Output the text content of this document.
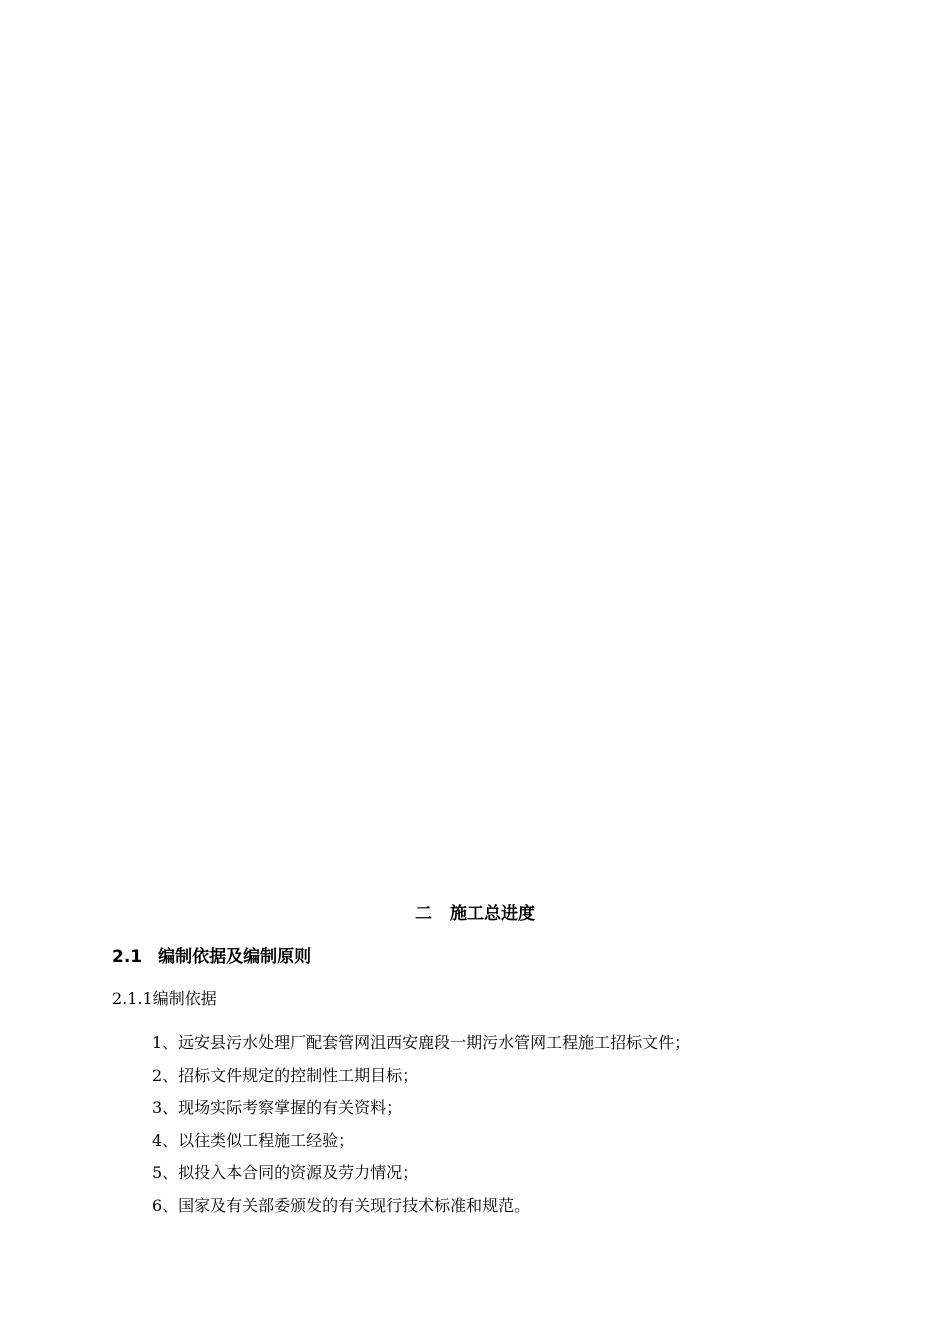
二 施工总进度
2.1 编制依据及编制原则
2.1.1编制依据
1、远安县污水处理厂配套管网沮西安鹿段一期污水管网工程施工招标文件；
2、招标文件规定的控制性工期目标；
3、现场实际考察掌握的有关资料；
4、以往类似工程施工经验；
5、拟投入本合同的资源及劳力情况；
6、国家及有关部委颁发的有关现行技术标准和规范。
